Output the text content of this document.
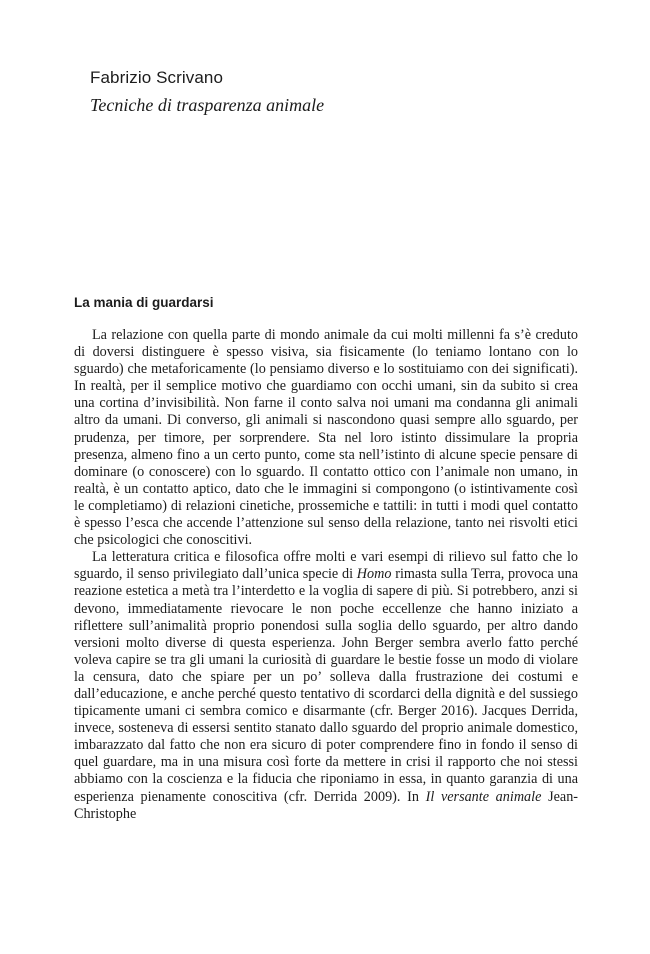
Fabrizio Scrivano
Tecniche di trasparenza animale
La mania di guardarsi

La relazione con quella parte di mondo animale da cui molti millenni fa s’è creduto di doversi distinguere è spesso visiva, sia fisicamente (lo teniamo lontano con lo sguardo) che metaforicamente (lo pensiamo diverso e lo sostituiamo con dei significati). In realtà, per il semplice motivo che guardiamo con occhi umani, sin da subito si crea una cortina d’invisibilità. Non farne il conto salva noi umani ma condanna gli animali altro da umani. Di converso, gli animali si nascondono quasi sempre allo sguardo, per prudenza, per timore, per sorprendere. Sta nel loro istinto dissimulare la propria presenza, almeno fino a un certo punto, come sta nell’istinto di alcune specie pensare di dominare (o conoscere) con lo sguardo. Il contatto ottico con l’animale non umano, in realtà, è un contatto aptico, dato che le immagini si compongono (o istintivamente così le completiamo) di relazioni cinetiche, prossemiche e tattili: in tutti i modi quel contatto è spesso l’esca che accende l’attenzione sul senso della relazione, tanto nei risvolti etici che psicologici che conoscitivi.

La letteratura critica e filosofica offre molti e vari esempi di rilievo sul fatto che lo sguardo, il senso privilegiato dall’unica specie di Homo rimasta sulla Terra, provoca una reazione estetica a metà tra l’interdetto e la voglia di sapere di più. Si potrebbero, anzi si devono, immediatamente rievocare le non poche eccellenze che hanno iniziato a riflettere sull’animalità proprio ponendosi sulla soglia dello sguardo, per altro dando versioni molto diverse di questa esperienza. John Berger sembra averlo fatto perché voleva capire se tra gli umani la curiosità di guardare le bestie fosse un modo di violare la censura, dato che spiare per un po’ solleva dalla frustrazione dei costumi e dall’educazione, e anche perché questo tentativo di scordarci della dignità e del sussiego tipicamente umani ci sembra comico e disarmante (cfr. Berger 2016). Jacques Derrida, invece, sosteneva di essersi sentito stanato dallo sguardo del proprio animale domestico, imbarazzato dal fatto che non era sicuro di poter comprendere fino in fondo il senso di quel guardare, ma in una misura così forte da mettere in crisi il rapporto che noi stessi abbiamo con la coscienza e la fiducia che riponiamo in essa, in quanto garanzia di una esperienza pienamente conoscitiva (cfr. Derrida 2009). In Il versante animale Jean-Christophe
